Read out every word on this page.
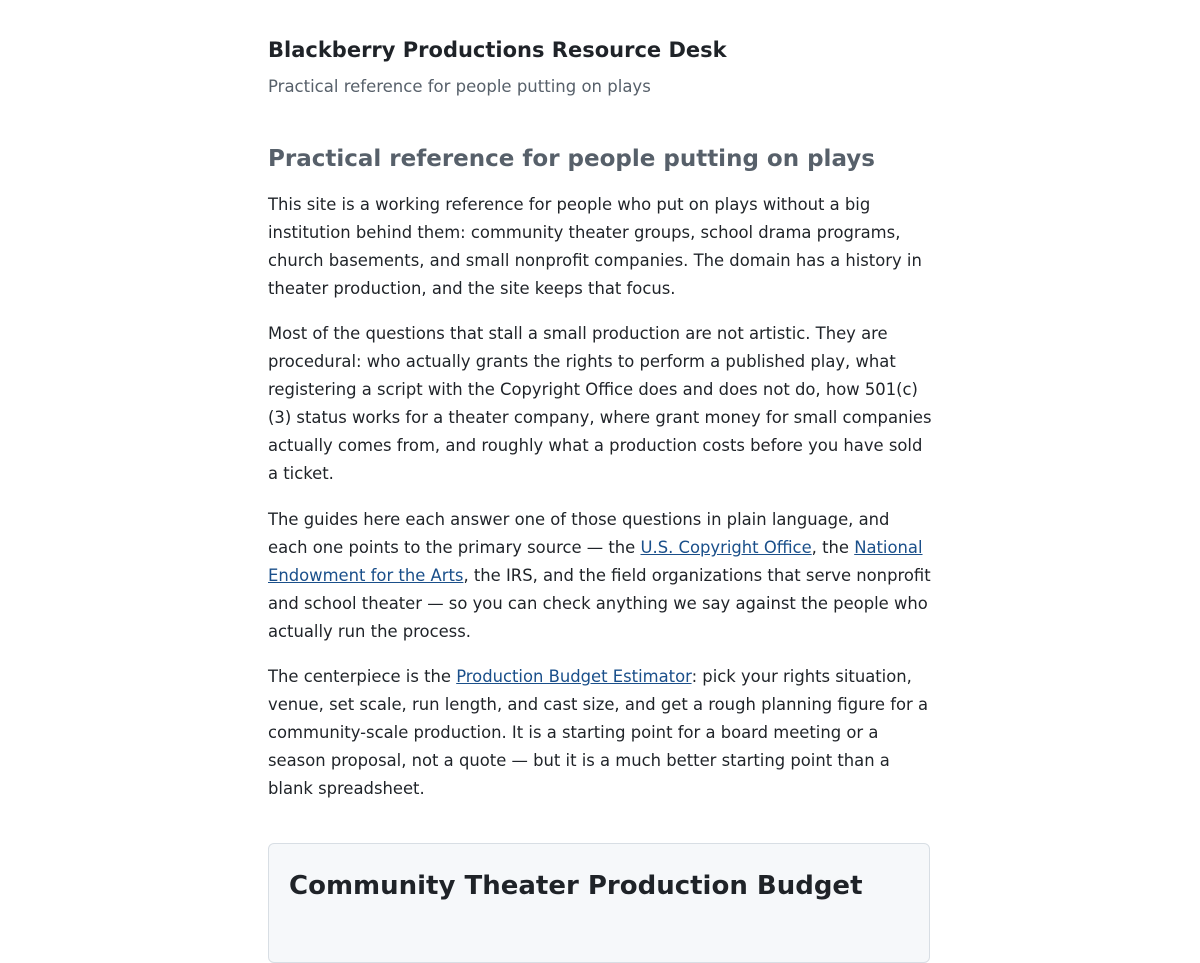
Blackberry Productions Resource Desk

Practical reference for people putting on plays

Practical reference for people putting on plays

This site is a working reference for people who put on plays without a big institution behind them: community theater groups, school drama programs, church basements, and small nonprofit companies. The domain has a history in theater production, and the site keeps that focus.

Most of the questions that stall a small production are not artistic. They are procedural: who actually grants the rights to perform a published play, what registering a script with the Copyright Office does and does not do, how 501(c)(3) status works for a theater company, where grant money for small companies actually comes from, and roughly what a production costs before you have sold a ticket.

The guides here each answer one of those questions in plain language, and each one points to the primary source — the U.S. Copyright Office, the National Endowment for the Arts, the IRS, and the field organizations that serve nonprofit and school theater — so you can check anything we say against the people who actually run the process.

The centerpiece is the Production Budget Estimator: pick your rights situation, venue, set scale, run length, and cast size, and get a rough planning figure for a community-scale production. It is a starting point for a board meeting or a season proposal, not a quote — but it is a much better starting point than a blank spreadsheet.

Community Theater Production Budget
